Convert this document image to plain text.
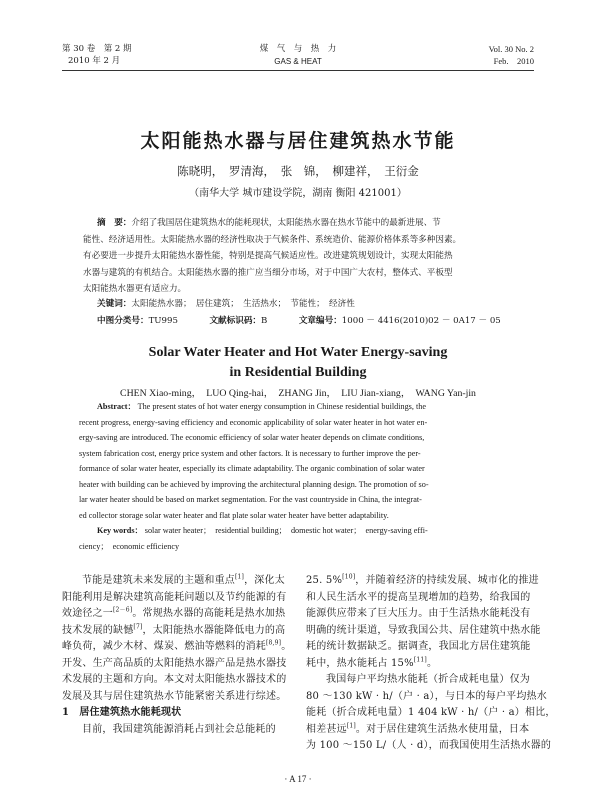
第 30 卷　第 2 期
2010 年 2 月
煤　气　与　热　力
GAS & HEAT
Vol. 30 No. 2
Feb.　2010
太阳能热水器与居住建筑热水节能
陈晓明，　罗清海，　张　锦，　柳建祥，　王衍金
（南华大学 城市建设学院，湖南 衡阳 421001）
摘　要：介绍了我国居住建筑热水的能耗现状，太阳能热水器在热水节能中的最新进展、节
能性、经济适用性。太阳能热水器的经济性取决于气候条件、系统造价、能源价格体系等多种因素。
有必要进一步提升太阳能热水器性能，特别是提高气候适应性。改进建筑规划设计，实现太阳能热
水器与建筑的有机结合。太阳能热水器的推广应当细分市场，对于中国广大农村，整体式、平板型
太阳能热水器更有适应力。
关键词：太阳能热水器；　居住建筑；　生活热水；　节能性；　经济性
中图分类号：TU995	文献标识码：B	文章编号：1000 － 4416(2010)02 － 0A17 － 05
Solar Water Heater and Hot Water Energy-saving
in Residential Building
CHEN Xiao-ming，　LUO Qing-hai，　ZHANG Jin，　LIU Jian-xiang，　WANG Yan-jin
Abstract： The present states of hot water energy consumption in Chinese residential buildings, the
recent progress, energy-saving efficiency and economic applicability of solar water heater in hot water en-
ergy-saving are introduced. The economic efficiency of solar water heater depends on climate conditions,
system fabrication cost, energy price system and other factors. It is necessary to further improve the per-
formance of solar water heater, especially its climate adaptability. The organic combination of solar water
heater with building can be achieved by improving the architectural planning design. The promotion of so-
lar water heater should be based on market segmentation. For the vast countryside in China, the integrat-
ed collector storage solar water heater and flat plate solar water heater have better adaptability.
Key words： solar water heater；　residential building；　domestic hot water；　energy-saving effi-
ciency；　economic efficiency
节能是建筑未来发展的主题和重点[1]，深化太
阳能利用是解决建筑高能耗问题以及节约能源的有
效途径之一[2－6]。常规热水器的高能耗是热水加热
技术发展的缺憾[7]，太阳能热水器能降低电力的高
峰负荷，减少木材、煤炭、燃油等燃料的消耗[8,9]。
开发、生产高品质的太阳能热水器产品是热水器技
术发展的主题和方向。本文对太阳能热水器技术的
发展及其与居住建筑热水节能紧密关系进行综述。
1　居住建筑热水能耗现状
目前，我国建筑能源消耗占到社会总能耗的
25. 5%[10]，并随着经济的持续发展、城市化的推进
和人民生活水平的提高呈现增加的趋势，给我国的
能源供应带来了巨大压力。由于生活热水能耗没有
明确的统计渠道，导致我国公共、居住建筑中热水能
耗的统计数据缺乏。据调查，我国北方居住建筑能
耗中，热水能耗占 15%[11]。
我国每户平均热水能耗（折合成耗电量）仅为
80 ～130 kW · h/（户 · a），与日本的每户平均热水
能耗（折合成耗电量）1 404 kW · h/（户 · a）相比，
相差甚远[1]。对于居住建筑生活热水使用量，日本
为 100 ～150 L/（人 · d），而我国使用生活热水器的
· A 17 ·
